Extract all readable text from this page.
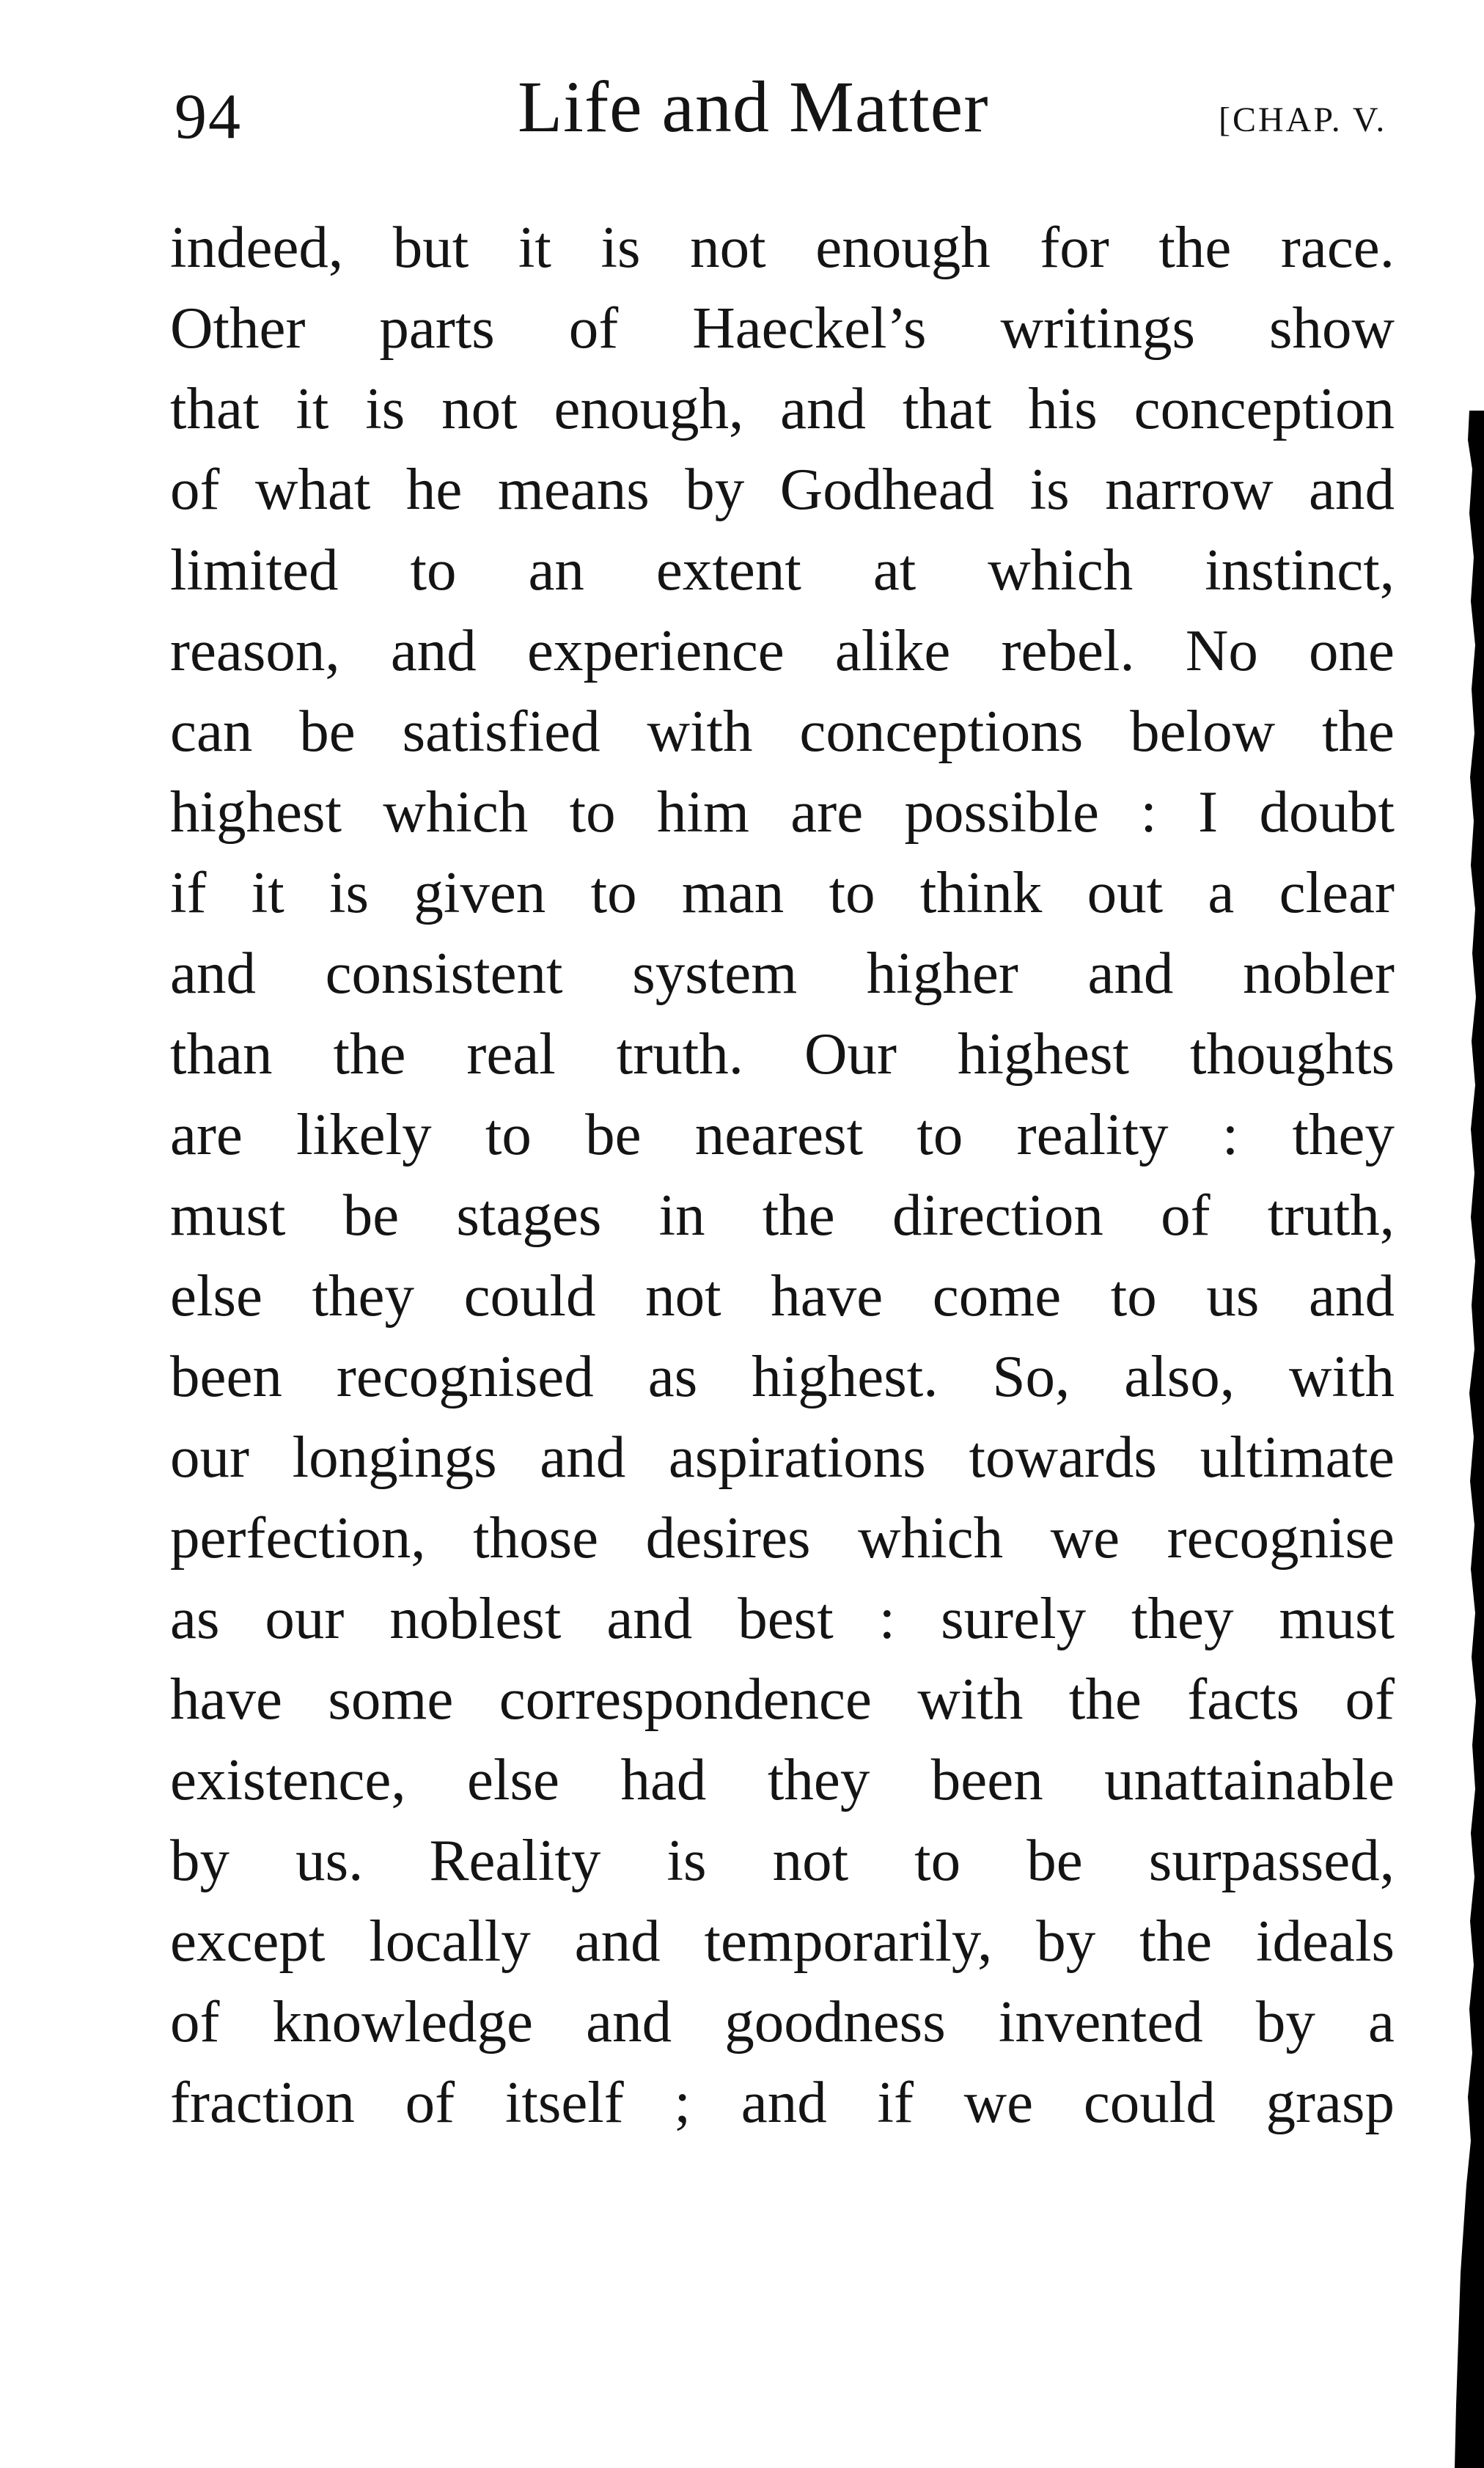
94	Life and Matter	[CHAP. V.
indeed, but it is not enough for the race.
Other parts of Haeckel’s writings show
that it is not enough, and that his conception
of what he means by Godhead is narrow and
limited to an extent at which instinct,
reason, and experience alike rebel. No one
can be satisfied with conceptions below the
highest which to him are possible : I doubt
if it is given to man to think out a clear
and consistent system higher and nobler
than the real truth. Our highest thoughts
are likely to be nearest to reality : they
must be stages in the direction of truth,
else they could not have come to us and
been recognised as highest. So, also, with
our longings and aspirations towards ultimate
perfection, those desires which we recognise
as our noblest and best : surely they must
have some correspondence with the facts of
existence, else had they been unattainable
by us. Reality is not to be surpassed,
except locally and temporarily, by the ideals
of knowledge and goodness invented by a
fraction of itself ; and if we could grasp
